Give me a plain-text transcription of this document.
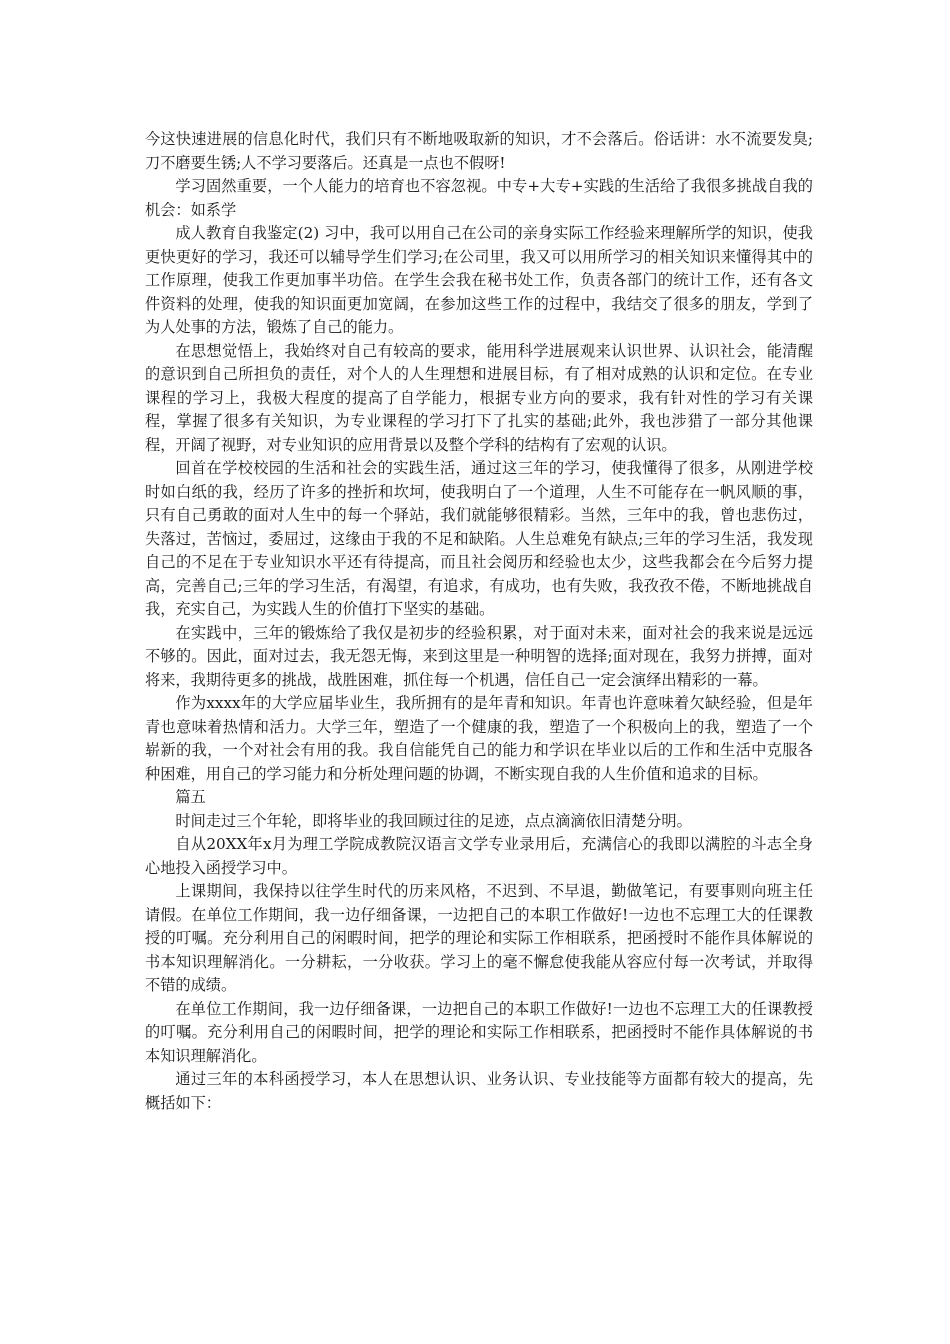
今这快速进展的信息化时代，我们只有不断地吸取新的知识，才不会落后。俗话讲：水不流要发臭;刀不磨要生锈;人不学习要落后。还真是一点也不假呀!

学习固然重要，一个人能力的培育也不容忽视。中专+大专+实践的生活给了我很多挑战自我的机会：如系学

成人教育自我鉴定(2) 习中，我可以用自己在公司的亲身实际工作经验来理解所学的知识，使我更快更好的学习，我还可以辅导学生们学习;在公司里，我又可以用所学习的相关知识来懂得其中的工作原理，使我工作更加事半功倍。在学生会我在秘书处工作，负责各部门的统计工作，还有各文件资料的处理，使我的知识面更加宽阔，在参加这些工作的过程中，我结交了很多的朋友，学到了为人处事的方法，锻炼了自己的能力。

在思想觉悟上，我始终对自己有较高的要求，能用科学进展观来认识世界、认识社会，能清醒的意识到自己所担负的责任，对个人的人生理想和进展目标，有了相对成熟的认识和定位。在专业课程的学习上，我极大程度的提高了自学能力，根据专业方向的要求，我有针对性的学习有关课程，掌握了很多有关知识，为专业课程的学习打下了扎实的基础;此外，我也涉猎了一部分其他课程，开阔了视野，对专业知识的应用背景以及整个学科的结构有了宏观的认识。

回首在学校校园的生活和社会的实践生活，通过这三年的学习，使我懂得了很多，从刚进学校时如白纸的我，经历了许多的挫折和坎坷，使我明白了一个道理，人生不可能存在一帆风顺的事，只有自己勇敢的面对人生中的每一个驿站，我们就能够很精彩。当然，三年中的我，曾也悲伤过，失落过，苦恼过，委屈过，这缘由于我的不足和缺陷。人生总难免有缺点;三年的学习生活，我发现自己的不足在于专业知识水平还有待提高，而且社会阅历和经验也太少，这些我都会在今后努力提高，完善自己;三年的学习生活，有渴望，有追求，有成功，也有失败，我孜孜不倦，不断地挑战自我，充实自己，为实践人生的价值打下坚实的基础。

在实践中，三年的锻炼给了我仅是初步的经验积累，对于面对未来，面对社会的我来说是远远不够的。因此，面对过去，我无怨无悔，来到这里是一种明智的选择;面对现在，我努力拼搏，面对将来，我期待更多的挑战，战胜困难，抓住每一个机遇，信任自己一定会演绎出精彩的一幕。

作为xxxx年的大学应届毕业生，我所拥有的是年青和知识。年青也许意味着欠缺经验，但是年青也意味着热情和活力。大学三年，塑造了一个健康的我，塑造了一个积极向上的我，塑造了一个崭新的我，一个对社会有用的我。我自信能凭自己的能力和学识在毕业以后的工作和生活中克服各种困难，用自己的学习能力和分析处理问题的协调，不断实现自我的人生价值和追求的目标。

篇五

时间走过三个年轮，即将毕业的我回顾过往的足迹，点点滴滴依旧清楚分明。

自从20XX年x月为理工学院成教院汉语言文学专业录用后，充满信心的我即以满腔的斗志全身心地投入函授学习中。

上课期间，我保持以往学生时代的历来风格，不迟到、不早退，勤做笔记，有要事则向班主任请假。在单位工作期间，我一边仔细备课，一边把自己的本职工作做好!一边也不忘理工大的任课教授的叮嘱。充分利用自己的闲暇时间，把学的理论和实际工作相联系，把函授时不能作具体解说的书本知识理解消化。一分耕耘，一分收获。学习上的毫不懈怠使我能从容应付每一次考试，并取得不错的成绩。

在单位工作期间，我一边仔细备课，一边把自己的本职工作做好!一边也不忘理工大的任课教授的叮嘱。充分利用自己的闲暇时间，把学的理论和实际工作相联系，把函授时不能作具体解说的书本知识理解消化。

通过三年的本科函授学习，本人在思想认识、业务认识、专业技能等方面都有较大的提高，先概括如下：
